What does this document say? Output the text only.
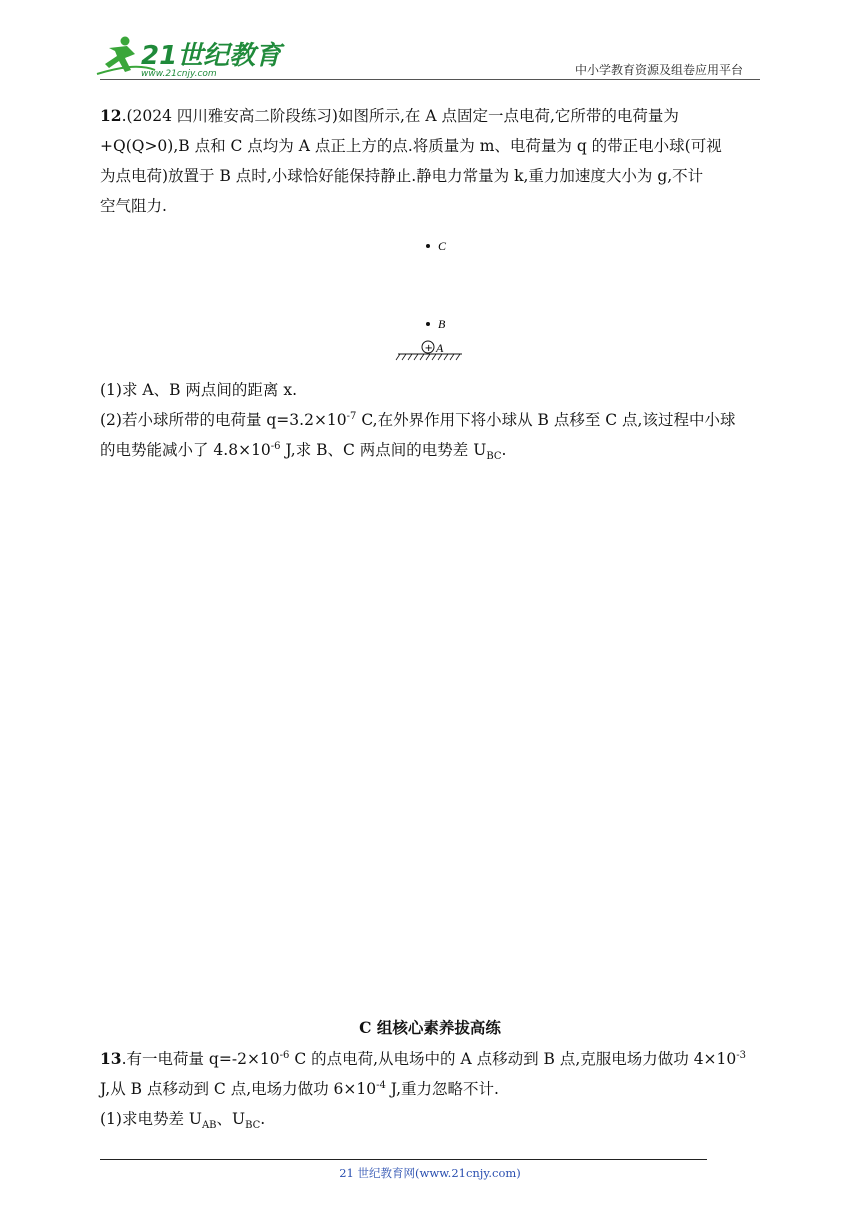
21世纪教育
www.21cnjy.com	中小学教育资源及组卷应用平台
12.(2024 四川雅安高二阶段练习)如图所示,在 A 点固定一点电荷,它所带的电荷量为
+Q(Q>0),B 点和 C 点均为 A 点正上方的点.将质量为 m、电荷量为 q 的带正电小球(可视
为点电荷)放置于 B 点时,小球恰好能保持静止.静电力常量为 k,重力加速度大小为 g,不计
空气阻力.
C
B
+ A
(1)求 A、B 两点间的距离 x.
(2)若小球所带的电荷量 $q=3.2\times 10^{-7}$ C,在外界作用下将小球从 B 点移至 C 点,该过程中小球
的电势能减小了 $4.8\times 10^{-6}$ J,求 B、C 两点间的电势差 $U_{BC}$.
C 组核心素养拔高练
13.有一电荷量 $q=-2\times 10^{-6}$ C 的点电荷,从电场中的 A 点移动到 B 点,克服电场力做功 $4\times 10^{-3}$
J,从 B 点移动到 C 点,电场力做功 $6\times 10^{-4}$ J,重力忽略不计.
(1)求电势差 $U_{AB}$、$U_{BC}$.
21 世纪教育网(www.21cnjy.com)
